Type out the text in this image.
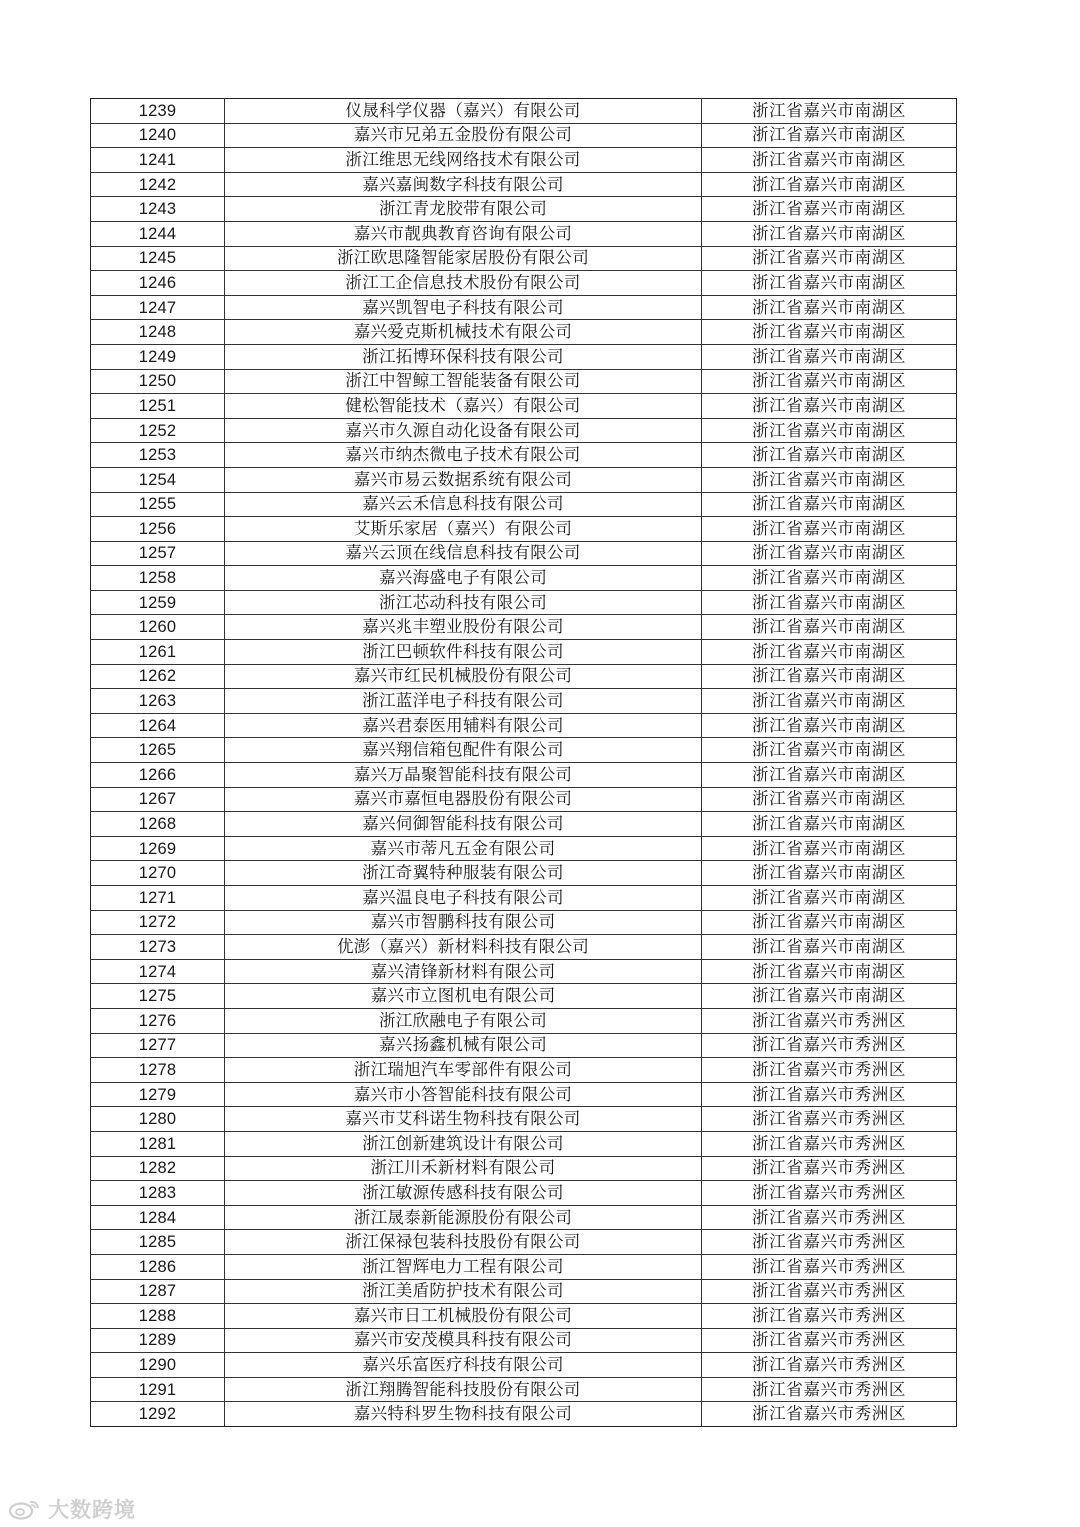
1239	仪晟科学仪器（嘉兴）有限公司	浙江省嘉兴市南湖区
1240	嘉兴市兄弟五金股份有限公司	浙江省嘉兴市南湖区
1241	浙江维思无线网络技术有限公司	浙江省嘉兴市南湖区
1242	嘉兴嘉闽数字科技有限公司	浙江省嘉兴市南湖区
1243	浙江青龙胶带有限公司	浙江省嘉兴市南湖区
1244	嘉兴市靓典教育咨询有限公司	浙江省嘉兴市南湖区
1245	浙江欧思隆智能家居股份有限公司	浙江省嘉兴市南湖区
1246	浙江工企信息技术股份有限公司	浙江省嘉兴市南湖区
1247	嘉兴凯智电子科技有限公司	浙江省嘉兴市南湖区
1248	嘉兴爱克斯机械技术有限公司	浙江省嘉兴市南湖区
1249	浙江拓博环保科技有限公司	浙江省嘉兴市南湖区
1250	浙江中智鲸工智能装备有限公司	浙江省嘉兴市南湖区
1251	健松智能技术（嘉兴）有限公司	浙江省嘉兴市南湖区
1252	嘉兴市久源自动化设备有限公司	浙江省嘉兴市南湖区
1253	嘉兴市纳杰微电子技术有限公司	浙江省嘉兴市南湖区
1254	嘉兴市易云数据系统有限公司	浙江省嘉兴市南湖区
1255	嘉兴云禾信息科技有限公司	浙江省嘉兴市南湖区
1256	艾斯乐家居（嘉兴）有限公司	浙江省嘉兴市南湖区
1257	嘉兴云顶在线信息科技有限公司	浙江省嘉兴市南湖区
1258	嘉兴海盛电子有限公司	浙江省嘉兴市南湖区
1259	浙江芯动科技有限公司	浙江省嘉兴市南湖区
1260	嘉兴兆丰塑业股份有限公司	浙江省嘉兴市南湖区
1261	浙江巴顿软件科技有限公司	浙江省嘉兴市南湖区
1262	嘉兴市红民机械股份有限公司	浙江省嘉兴市南湖区
1263	浙江蓝洋电子科技有限公司	浙江省嘉兴市南湖区
1264	嘉兴君泰医用辅料有限公司	浙江省嘉兴市南湖区
1265	嘉兴翔信箱包配件有限公司	浙江省嘉兴市南湖区
1266	嘉兴万晶聚智能科技有限公司	浙江省嘉兴市南湖区
1267	嘉兴市嘉恒电器股份有限公司	浙江省嘉兴市南湖区
1268	嘉兴伺御智能科技有限公司	浙江省嘉兴市南湖区
1269	嘉兴市蒂凡五金有限公司	浙江省嘉兴市南湖区
1270	浙江奇翼特种服装有限公司	浙江省嘉兴市南湖区
1271	嘉兴温良电子科技有限公司	浙江省嘉兴市南湖区
1272	嘉兴市智鹏科技有限公司	浙江省嘉兴市南湖区
1273	优澎（嘉兴）新材料科技有限公司	浙江省嘉兴市南湖区
1274	嘉兴清锋新材料有限公司	浙江省嘉兴市南湖区
1275	嘉兴市立图机电有限公司	浙江省嘉兴市南湖区
1276	浙江欣融电子有限公司	浙江省嘉兴市秀洲区
1277	嘉兴扬鑫机械有限公司	浙江省嘉兴市秀洲区
1278	浙江瑞旭汽车零部件有限公司	浙江省嘉兴市秀洲区
1279	嘉兴市小答智能科技有限公司	浙江省嘉兴市秀洲区
1280	嘉兴市艾科诺生物科技有限公司	浙江省嘉兴市秀洲区
1281	浙江创新建筑设计有限公司	浙江省嘉兴市秀洲区
1282	浙江川禾新材料有限公司	浙江省嘉兴市秀洲区
1283	浙江敏源传感科技有限公司	浙江省嘉兴市秀洲区
1284	浙江晟泰新能源股份有限公司	浙江省嘉兴市秀洲区
1285	浙江保禄包装科技股份有限公司	浙江省嘉兴市秀洲区
1286	浙江智辉电力工程有限公司	浙江省嘉兴市秀洲区
1287	浙江美盾防护技术有限公司	浙江省嘉兴市秀洲区
1288	嘉兴市日工机械股份有限公司	浙江省嘉兴市秀洲区
1289	嘉兴市安茂模具科技有限公司	浙江省嘉兴市秀洲区
1290	嘉兴乐富医疗科技有限公司	浙江省嘉兴市秀洲区
1291	浙江翔腾智能科技股份有限公司	浙江省嘉兴市秀洲区
1292	嘉兴特科罗生物科技有限公司	浙江省嘉兴市秀洲区
大数跨境
